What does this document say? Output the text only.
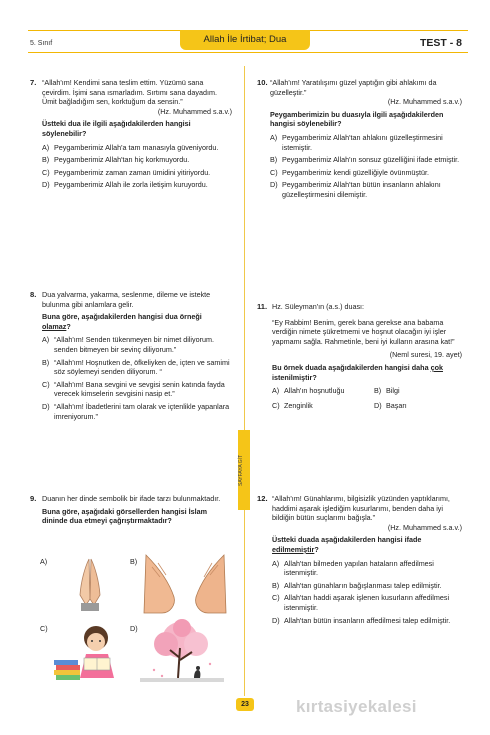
5. Sınıf	Allah İle İrtibat; Dua	TEST - 8
SAYFAYA GİT
7. “Allah'ım! Kendimi sana teslim ettim. Yüzümü sana çevirdim. İşimi sana ısmarladım. Sırtımı sana dayadım. Ümit bağladığım sen, korktuğum da sensin.”

(Hz. Muhammed s.a.v.)

Üstteki dua ile ilgili aşağıdakilerden hangisi söylenebilir?

A) Peygamberimiz Allah'a tam manasıyla güveniyordu.
B) Peygamberimiz Allah'tan hiç korkmuyordu.
C) Peygamberimiz zaman zaman ümidini yitiriyordu.
D) Peygamberimiz Allah ile zorla iletişim kuruyordu.
8. Dua yalvarma, yakarma, seslenme, dileme ve istekte bulunma gibi anlamlara gelir.

Buna göre, aşağıdakilerden hangisi dua örneği olamaz?

A) “Allah'ım! Senden tükenmeyen bir nimet diliyorum. senden bitmeyen bir sevinç diliyorum.”
B) “Allah'ım! Hoşnutken de, öfkeliyken de, içten ve samimi söz söylemeyi senden diliyorum. “
C) “Allah'ım! Bana sevgini ve sevgisi senin katında fayda verecek kimselerin sevgisini nasip et.”
D) “Allah'ım! İbadetlerini tam olarak ve içtenlikle yapanlara imreniyorum.”
9. Duanın her dinde sembolik bir ifade tarzı bulunmaktadır.

Buna göre, aşağıdaki görsellerden hangisi İslam dininde dua etmeyi çağrıştırmaktadır?

A)	B)
C)	D)
10. “Allah'ım! Yaratılışımı güzel yaptığın gibi ahlakımı da güzelleştir.”

(Hz. Muhammed s.a.v.)

Peygamberimizin bu duasıyla ilgili aşağıdakilerden hangisi söylenebilir?

A) Peygamberimiz Allah'tan ahlakını güzelleştirmesini istemiştir.
B) Peygamberimiz Allah'ın sonsuz güzelliğini ifade etmiştir.
C) Peygamberimiz kendi güzelliğiyle övünmüştür.
D) Peygamberimiz Allah'tan bütün insanların ahlakını güzelleştirmesini dilemiştir.
11. Hz. Süleyman'ın (a.s.) duası:

“Ey Rabbim! Benim, gerek bana gerekse ana babama verdiğin nimete şükretmemi ve hoşnut olacağın iyi işler yapmamı sağla. Rahmetinle, beni iyi kulların arasına kat!”

(Neml suresi, 19. ayet)

Bu örnek duada aşağıdakilerden hangisi daha çok istenilmiştir?

A) Allah'ın hoşnutluğu	B) Bilgi
C) Zenginlik	D) Başarı
12. “Allah'ım! Günahlarımı, bilgisizlik yüzünden yaptıklarımı, haddimi aşarak işlediğim kusurlarımı, benden daha iyi bildiğin bütün suçlarımı bağışla.”

(Hz. Muhammed s.a.v.)

Üstteki duada aşağıdakilerden hangisi ifade edilmemiştir?

A) Allah'tan bilmeden yapılan hataların affedilmesi istenmiştir.
B) Allah'tan günahların bağışlanması talep edilmiştir.
C) Allah'tan haddi aşarak işlenen kusurların affedilmesi istenmiştir.
D) Allah'tan bütün insanların affedilmesi talep edilmiştir.
23	kırtasiyekalesi
